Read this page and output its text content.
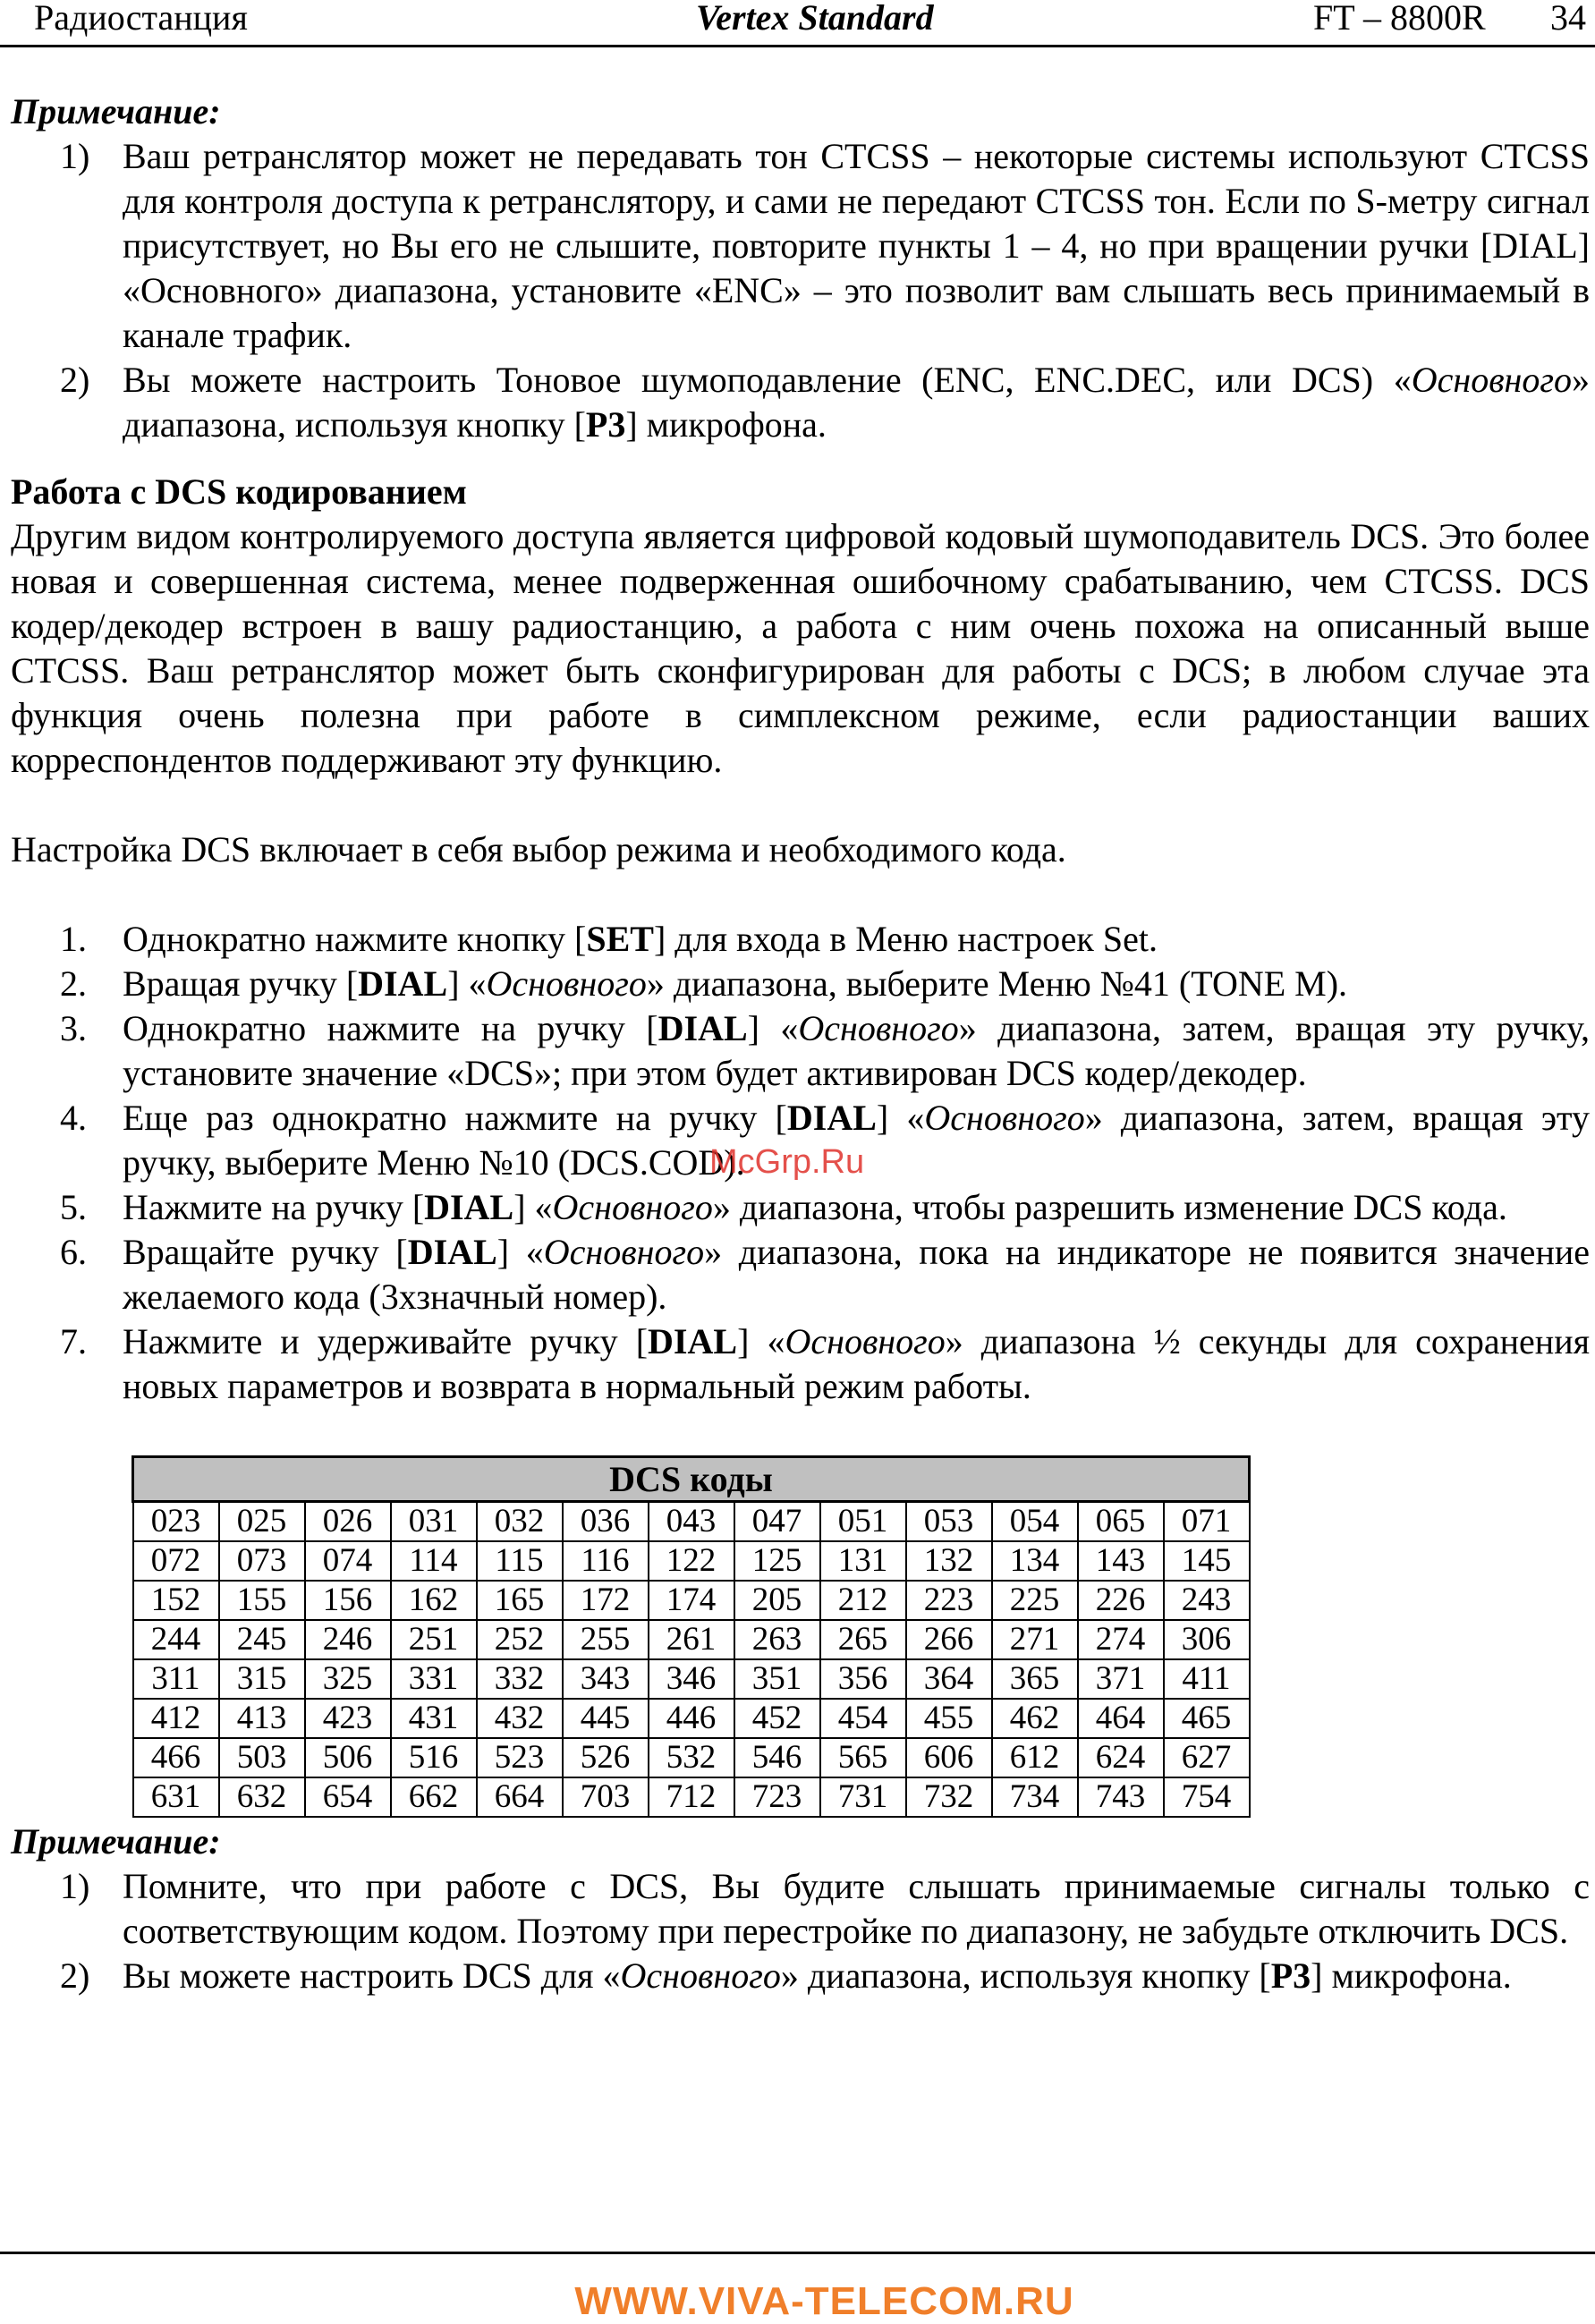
Радиостанция	Vertex Standard	FT – 8800R 34
Примечание:
1) Ваш ретранслятор может не передавать тон CTCSS – некоторые системы используют CTCSS для контроля доступа к ретранслятору, и сами не передают CTCSS тон. Если по S-метру сигнал присутствует, но Вы его не слышите, повторите пункты 1 – 4, но при вращении ручки [DIAL] «Основного» диапазона, установите «ENC» – это позволит вам слышать весь принимаемый в канале трафик.
2) Вы можете настроить Тоновое шумоподавление (ENC, ENC.DEC, или DCS) «Основного» диапазона, используя кнопку [P3] микрофона.
Работа с DCS кодированием

Другим видом контролируемого доступа является цифровой кодовый шумоподавитель DCS. Это более новая и совершенная система, менее подверженная ошибочному срабатыванию, чем CTCSS. DCS кодер/декодер встроен в вашу радиостанцию, а работа с ним очень похожа на описанный выше CTCSS. Ваш ретранслятор может быть сконфигурирован для работы с DCS; в любом случае эта функция очень полезна при работе в симплексном режиме, если радиостанции ваших корреспондентов поддерживают эту функцию.

Настройка DCS включает в себя выбор режима и необходимого кода.

1. Однократно нажмите кнопку [SET] для входа в Меню настроек Set.
2. Вращая ручку [DIAL] «Основного» диапазона, выберите Меню №41 (TONE M).
3. Однократно нажмите на ручку [DIAL] «Основного» диапазона, затем, вращая эту ручку, установите значение «DCS»; при этом будет активирован DCS кодер/декодер.
4. Еще раз однократно нажмите на ручку [DIAL] «Основного» диапазона, затем, вращая эту ручку, выберите Меню №10 (DCS.COD).
5. Нажмите на ручку [DIAL] «Основного» диапазона, чтобы разрешить изменение DCS кода.
6. Вращайте ручку [DIAL] «Основного» диапазона, пока на индикаторе не появится значение желаемого кода (3хзначный номер).
7. Нажмите и удерживайте ручку [DIAL] «Основного» диапазона ½ секунды для сохранения новых параметров и возврата в нормальный режим работы.
DCS коды												
023	025	026	031	032	036	043	047	051	053	054	065	071
072	073	074	114	115	116	122	125	131	132	134	143	145
152	155	156	162	165	172	174	205	212	223	225	226	243
244	245	246	251	252	255	261	263	265	266	271	274	306
311	315	325	331	332	343	346	351	356	364	365	371	411
412	413	423	431	432	445	446	452	454	455	462	464	465
466	503	506	516	523	526	532	546	565	606	612	624	627
631	632	654	662	664	703	712	723	731	732	734	743	754
Примечание:
1) Помните, что при работе с DCS, Вы будите слышать принимаемые сигналы только с соответствующим кодом. Поэтому при перестройке по диапазону, не забудьте отключить DCS.
2) Вы можете настроить DCS для «Основного» диапазона, используя кнопку [P3] микрофона.
McGrp.Ru
WWW.VIVA-TELECOM.RU
